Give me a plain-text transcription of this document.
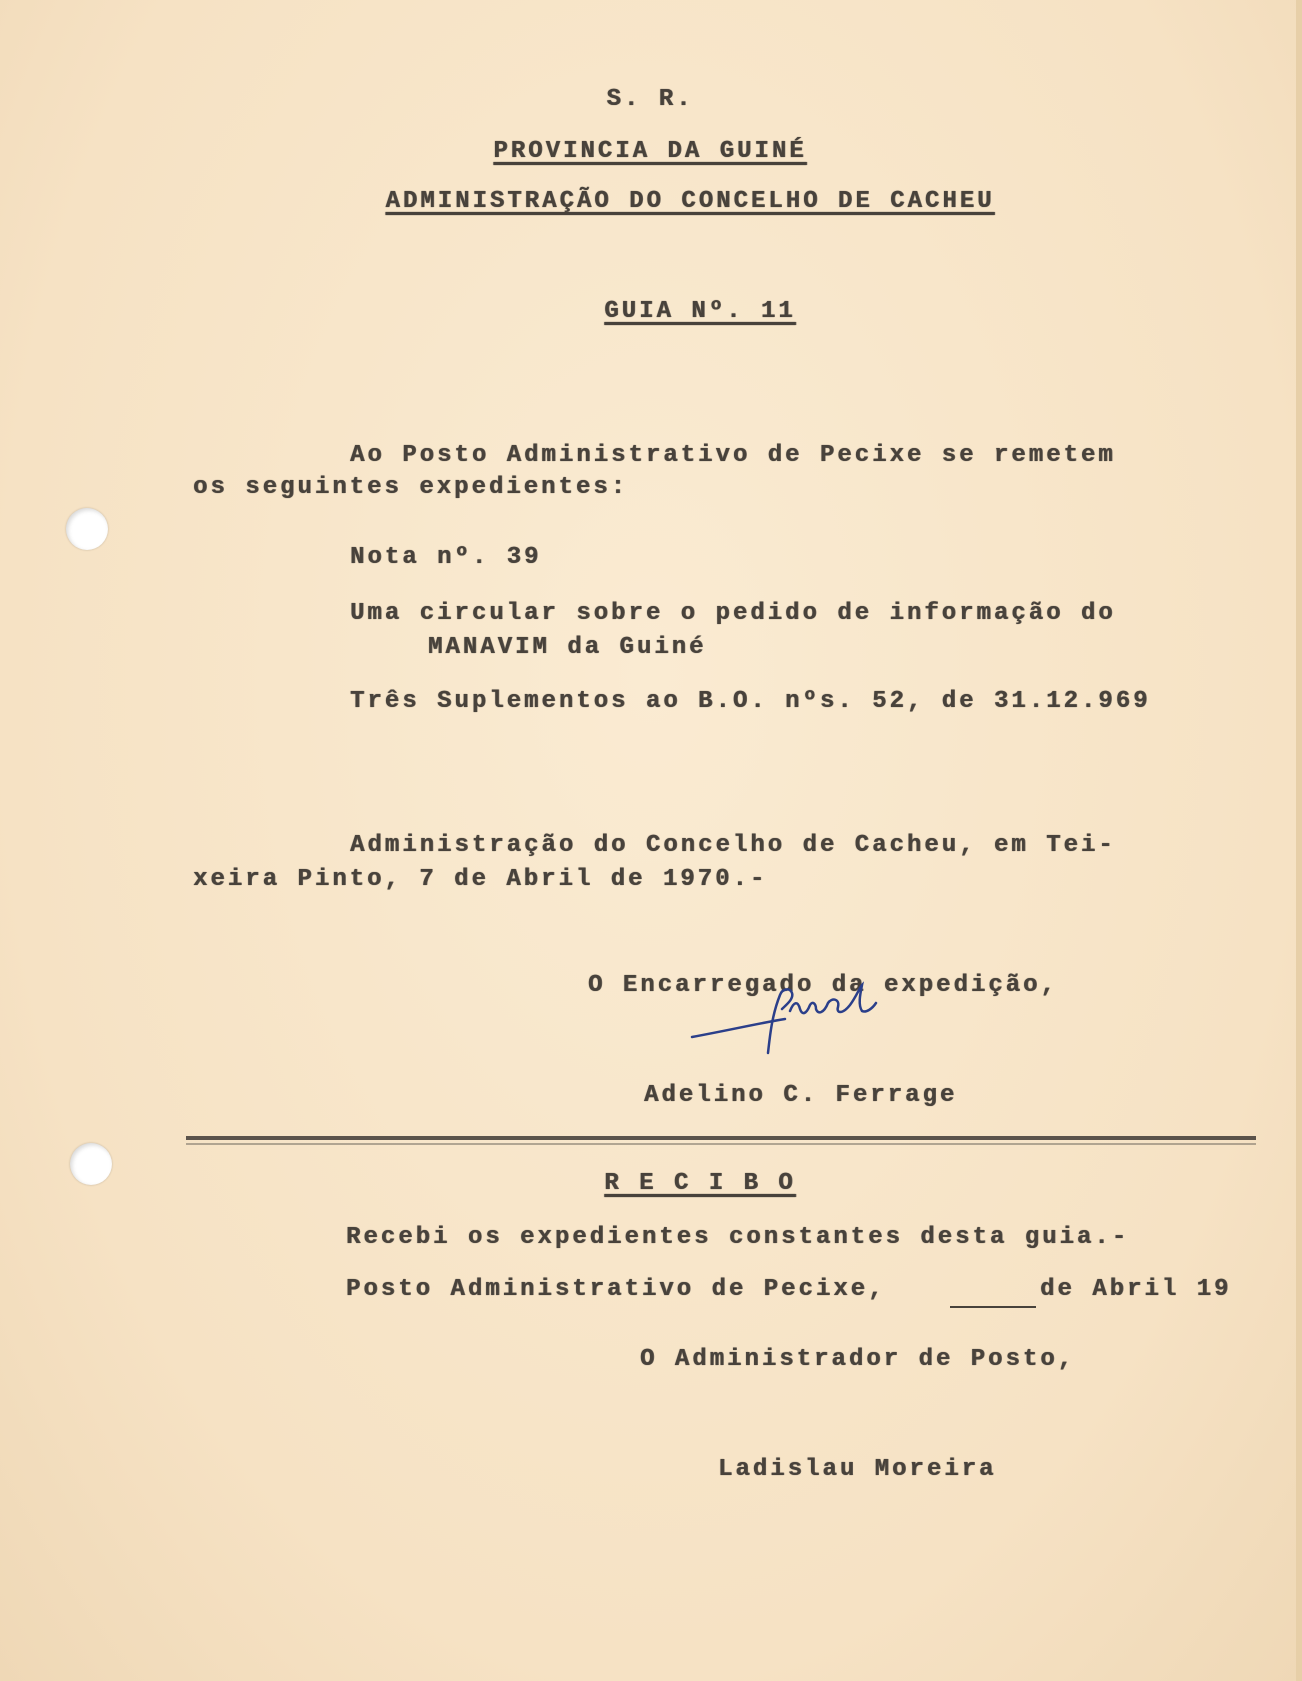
S. R.
PROVINCIA DA GUINÉ
ADMINISTRAÇÃO DO CONCELHO DE CACHEU
GUIA Nº. 11
Ao Posto Administrativo de Pecixe se remetem
os seguintes expedientes:
Nota nº. 39
Uma circular sobre o pedido de informação do
MANAVIM da Guiné
Três Suplementos ao B.O. nºs. 52, de 31.12.969
Administração do Concelho de Cacheu, em Tei-
xeira Pinto, 7 de Abril de 1970.-
O Encarregado da expedição,
Adelino C. Ferrage
R E C I B O
Recebi os expedientes constantes desta guia.-
Posto Administrativo de Pecixe,	de Abril 19
O Administrador de Posto,
Ladislau Moreira
